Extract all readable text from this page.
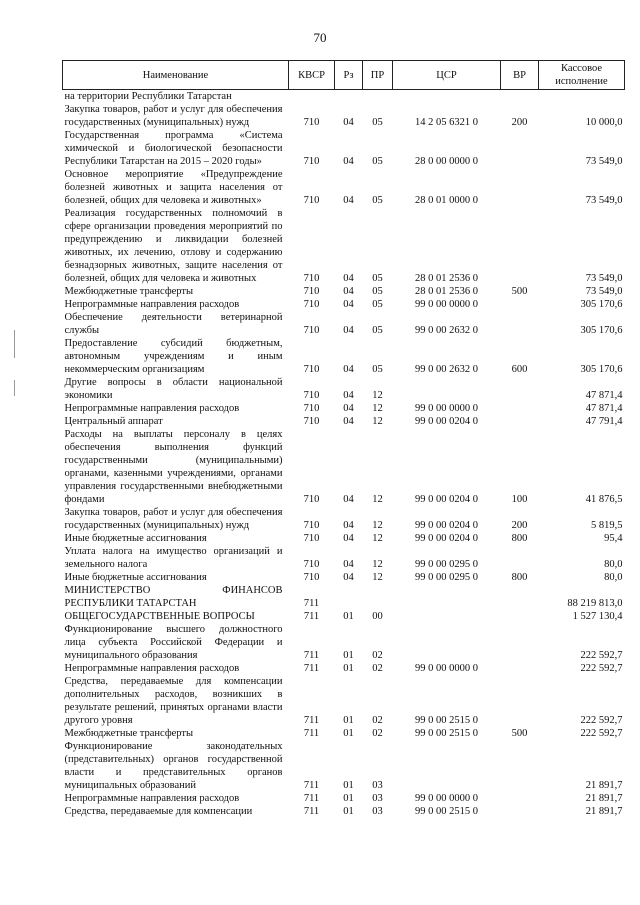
70
Наименование	КВСР	Рз	ПР	ЦСР	ВР	Кассовое исполнение
на территории Республики Татарстан						
Закупка товаров, работ и услуг для обеспечения государственных (муниципальных) нужд	710	04	05	14 2 05 6321 0	200	10 000,0
Государственная программа «Система химической и биологической безопасности Республики Татарстан на 2015 – 2020 годы»	710	04	05	28 0 00 0000 0		73 549,0
Основное мероприятие «Предупреждение болезней животных и защита населения от болезней, общих для человека и животных»	710	04	05	28 0 01 0000 0		73 549,0
Реализация государственных полномочий в сфере организации проведения мероприятий по предупреждению и ликвидации болезней животных, их лечению, отлову и содержанию безнадзорных животных, защите населения от болезней, общих для человека и животных	710	04	05	28 0 01 2536 0		73 549,0
Межбюджетные трансферты	710	04	05	28 0 01 2536 0	500	73 549,0
Непрограммные направления расходов	710	04	05	99 0 00 0000 0		305 170,6
Обеспечение деятельности ветеринарной службы	710	04	05	99 0 00 2632 0		305 170,6
Предоставление субсидий бюджетным, автономным учреждениям и иным некоммерческим организациям	710	04	05	99 0 00 2632 0	600	305 170,6
Другие вопросы в области национальной экономики	710	04	12			47 871,4
Непрограммные направления расходов	710	04	12	99 0 00 0000 0		47 871,4
Центральный аппарат	710	04	12	99 0 00 0204 0		47 791,4
Расходы на выплаты персоналу в целях обеспечения выполнения функций государственными (муниципальными) органами, казенными учреждениями, органами управления государственными внебюджетными фондами	710	04	12	99 0 00 0204 0	100	41 876,5
Закупка товаров, работ и услуг для обеспечения государственных (муниципальных) нужд	710	04	12	99 0 00 0204 0	200	5 819,5
Иные бюджетные ассигнования	710	04	12	99 0 00 0204 0	800	95,4
Уплата налога на имущество организаций и земельного налога	710	04	12	99 0 00 0295 0		80,0
Иные бюджетные ассигнования	710	04	12	99 0 00 0295 0	800	80,0
МИНИСТЕРСТВО ФИНАНСОВ РЕСПУБЛИКИ ТАТАРСТАН	711					88 219 813,0
ОБЩЕГОСУДАРСТВЕННЫЕ ВОПРОСЫ	711	01	00			1 527 130,4
Функционирование высшего должностного лица субъекта Российской Федерации и муниципального образования	711	01	02			222 592,7
Непрограммные направления расходов	711	01	02	99 0 00 0000 0		222 592,7
Средства, передаваемые для компенсации дополнительных расходов, возникших в результате решений, принятых органами власти другого уровня	711	01	02	99 0 00 2515 0		222 592,7
Межбюджетные трансферты	711	01	02	99 0 00 2515 0	500	222 592,7
Функционирование законодательных (представительных) органов государственной власти и представительных органов муниципальных образований	711	01	03			21 891,7
Непрограммные направления расходов	711	01	03	99 0 00 0000 0		21 891,7
Средства, передаваемые для компенсации	711	01	03	99 0 00 2515 0		21 891,7
